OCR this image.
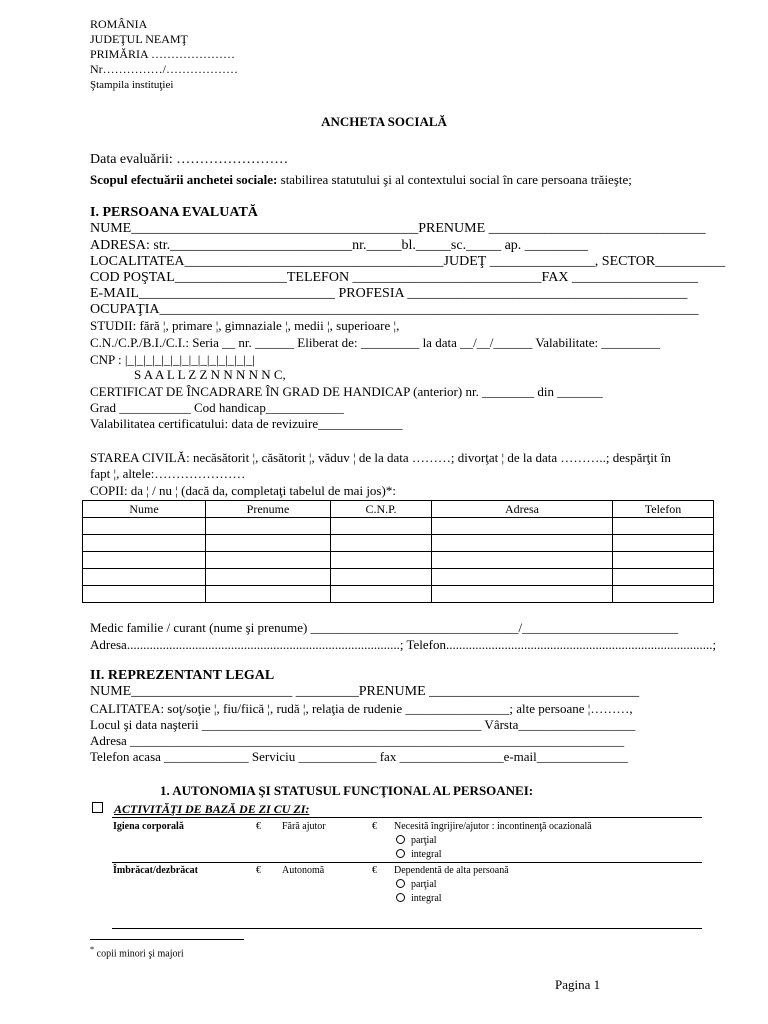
ROMÂNIA
JUDEŢUL NEAMŢ
PRIMĂRIA …………………
Nr……………/………………
Ştampila instituţiei
ANCHETA SOCIALĂ
Data evaluării: ……………………
Scopul efectuării anchetei sociale: stabilirea statutului şi al contextului social în care persoana trăieşte;
I. PERSOANA EVALUATĂ
NUME_________________________________________PRENUME _______________________________
ADRESA: str.__________________________nr._____bl._____sc._____ ap. _________
LOCALITATEA_____________________________________JUDEŢ _______________, SECTOR__________
COD POŞTAL________________TELEFON ___________________________FAX __________________
E-MAIL____________________________ PROFESIA ________________________________________
OCUPAŢIA_____________________________________________________________________________
STUDII: fără ¦, primare ¦, gimnaziale ¦, medii ¦, superioare ¦,
C.N./C.P./B.I./C.I.: Seria __ nr. ______ Eliberat de: _________ la data __/__/______ Valabilitate: _________
CNP : |_|_|_|_|_|_|_|_|_|_|_|_|_|_|
S A A L L Z Z N N N N N C,
CERTIFICAT DE ÎNCADRARE ÎN GRAD DE HANDICAP (anterior) nr. ________ din _______
Grad ___________ Cod handicap____________
Valabilitatea certificatului: data de revizuire_____________
STAREA CIVILĂ: necăsătorit ¦, căsătorit ¦, văduv ¦ de la data ………; divorţat ¦ de la data ………..; despărţit în
fapt ¦, altele:…………………
COPII: da ¦ / nu ¦ (dacă da, completaţi tabelul de mai jos)*:
Nume	Prenume	C.N.P.	Adresa	Telefon

Medic familie / curant (nume şi prenume) ________________________________/________________________
Adresa....................................................................................; Telefon..................................................................................;
II. REPREZENTANT LEGAL
NUME_______________________ _________PRENUME ______________________________
CALITATEA: soţ/soţie ¦, fiu/fiică ¦, rudă ¦, relaţia de rudenie ________________; alte persoane ¦………,
Locul şi data naşterii ___________________________________________ Vârsta__________________
Adresa ____________________________________________________________________________
Telefon acasa _____________ Serviciu ____________ fax ________________e-mail______________
1. AUTONOMIA ŞI STATUSUL FUNCŢIONAL AL PERSOANEI:
ACTIVITĂŢI DE BAZĂ DE ZI CU ZI:
Igiena corporală	€ Fără ajutor	€ Necesită îngrijire/ajutor : incontinenţă ocazională
parţial
integral
Îmbrăcat/dezbrăcat	€ Autonomă	€ Dependentă de alta persoană
parţial
integral
* copii minori şi majori
Pagina 1
